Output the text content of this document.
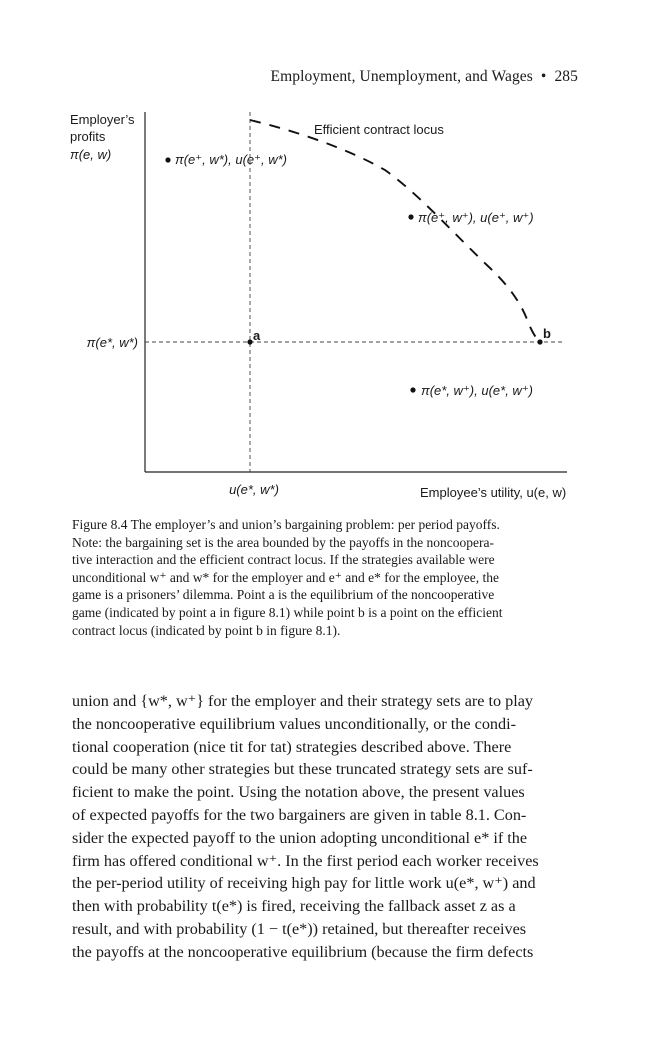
Employment, Unemployment, and Wages • 285
Employer’s
profits
π(e, w)
Efficient contract locus
π(e⁺, w*), u(e⁺, w*)
π(e⁺, w⁺), u(e⁺, w⁺)
π(e*, w⁺), u(e*, w⁺)
π(e*, w*)
u(e*, w*)	Employee’s utility, u(e, w)
a	b

Figure 8.4 The employer’s and union’s bargaining problem: per period payoffs.

Note: the bargaining set is the area bounded by the payoffs in the noncoopera-

tive interaction and the efficient contract locus. If the strategies available were

unconditional w⁺ and w* for the employer and e⁺ and e* for the employee, the

game is a prisoners’ dilemma. Point a is the equilibrium of the noncooperative

game (indicated by point a in figure 8.1) while point b is a point on the efficient

contract locus (indicated by point b in figure 8.1).

union and {w*, w⁺} for the employer and their strategy sets are to play

the noncooperative equilibrium values unconditionally, or the condi-

tional cooperation (nice tit for tat) strategies described above. There

could be many other strategies but these truncated strategy sets are suf-

ficient to make the point. Using the notation above, the present values

of expected payoffs for the two bargainers are given in table 8.1. Con-

sider the expected payoff to the union adopting unconditional e* if the

firm has offered conditional w⁺. In the first period each worker receives

the per-period utility of receiving high pay for little work u(e*, w⁺) and

then with probability t(e*) is fired, receiving the fallback asset z as a

result, and with probability (1 − t(e*)) retained, but thereafter receives

the payoffs at the noncooperative equilibrium (because the firm defects
